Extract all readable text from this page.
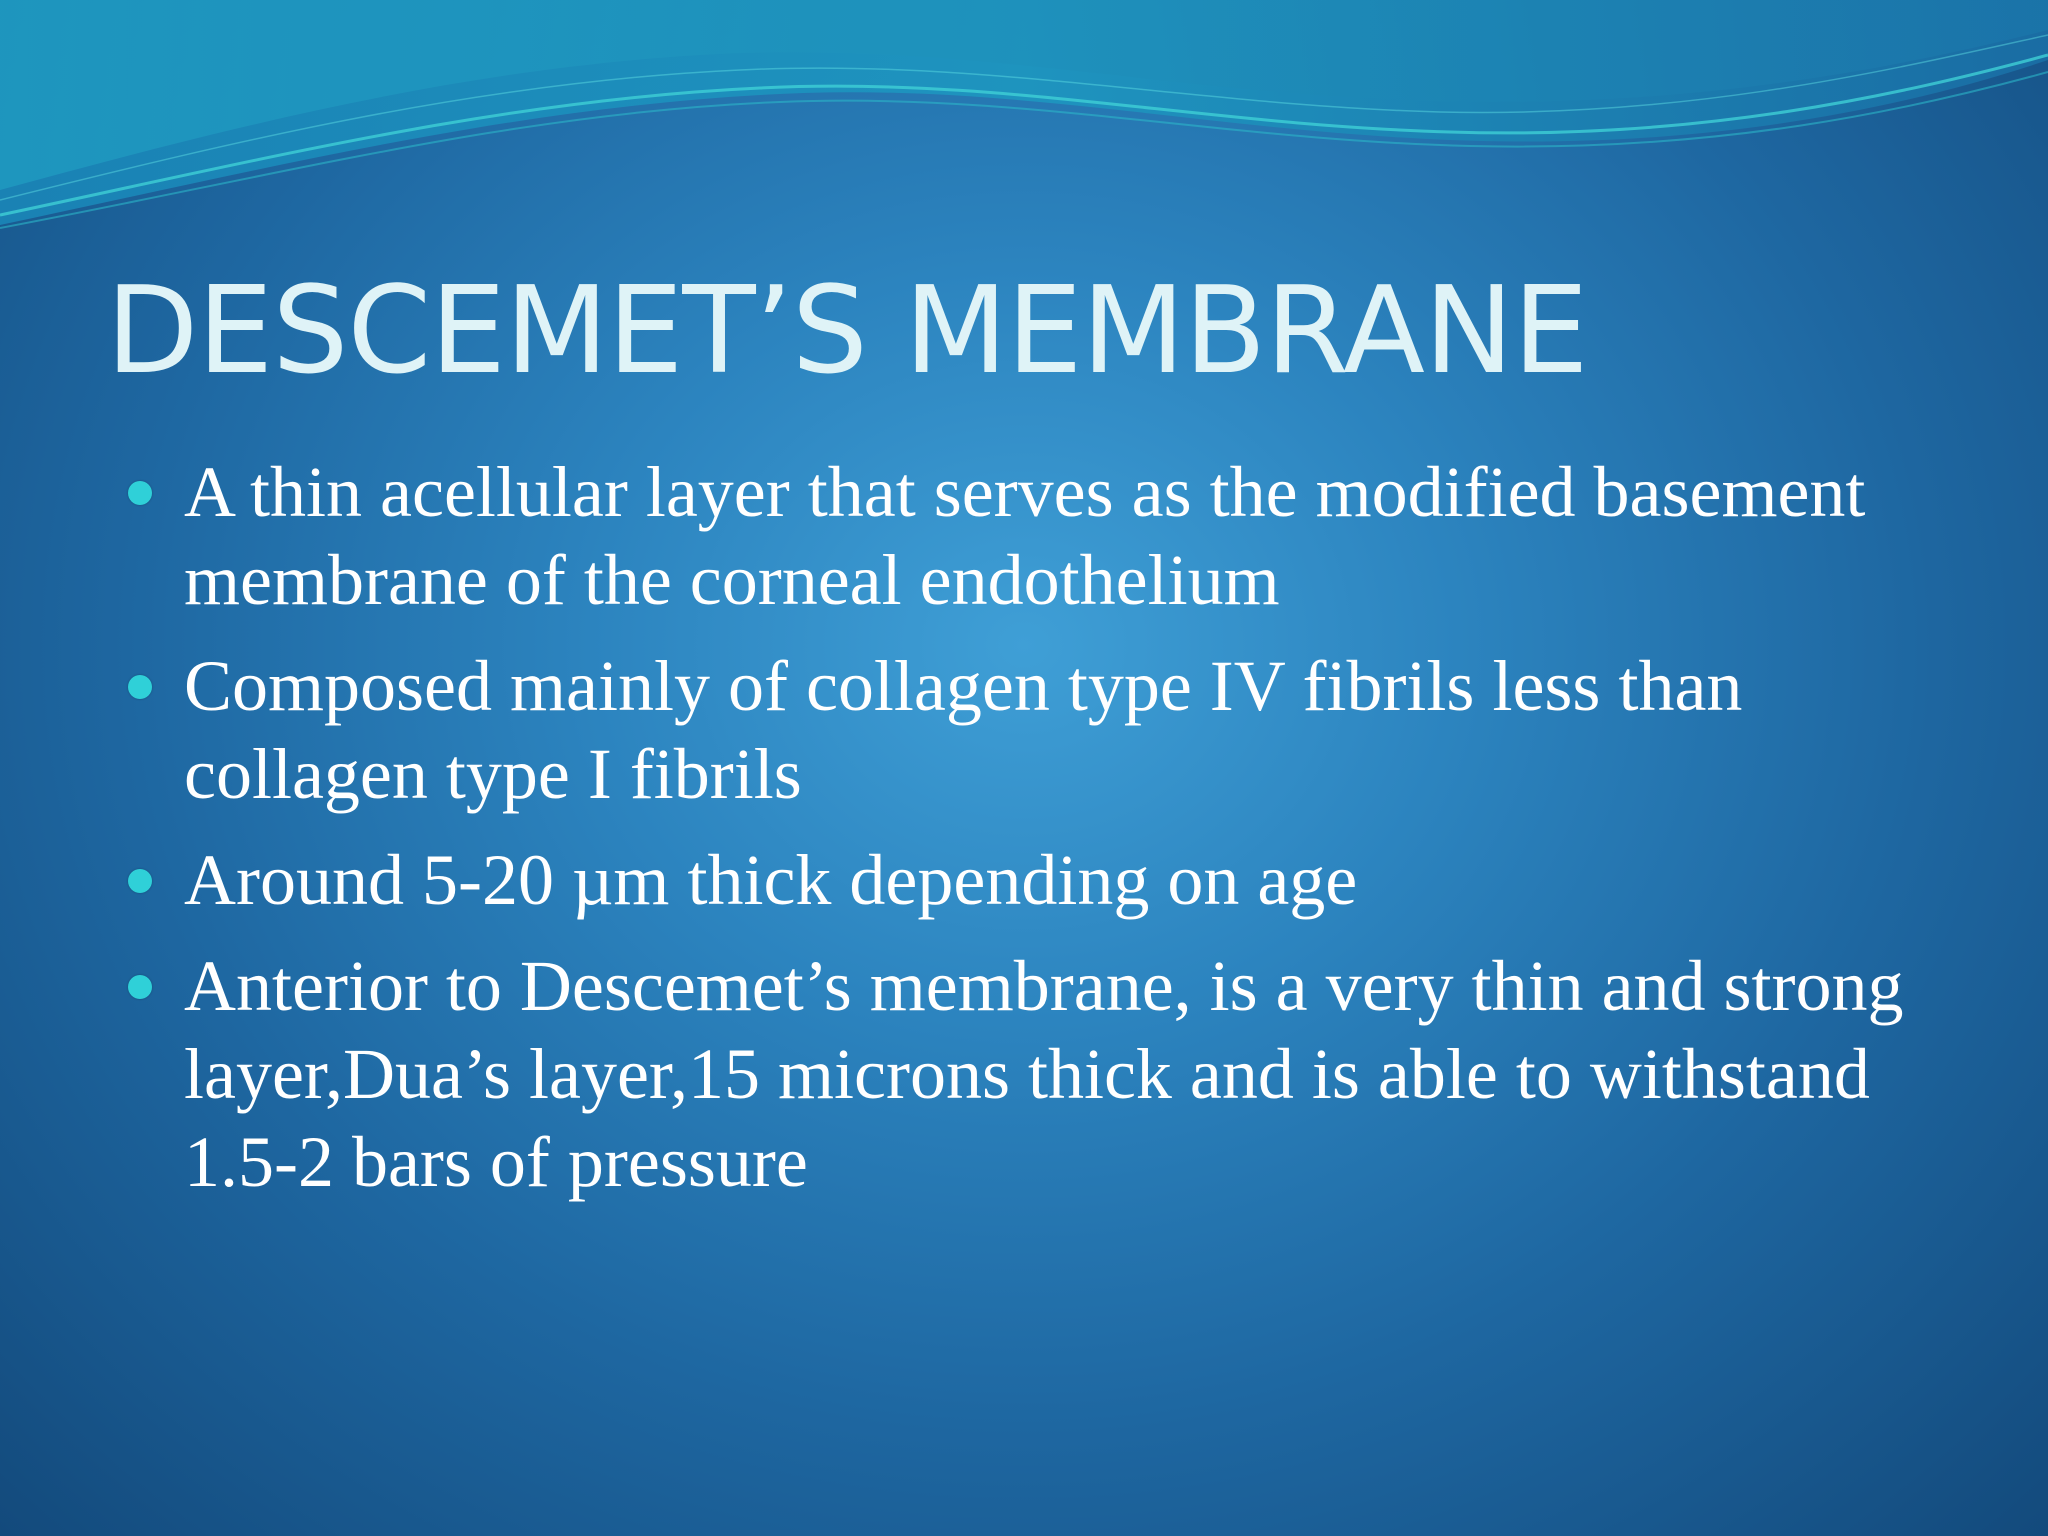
DESCEMET’S MEMBRANE
A thin acellular layer that serves as the modified basement membrane of the corneal endothelium
Composed mainly of collagen type IV fibrils less than collagen type I fibrils
Around 5-20 µm thick depending on age
Anterior to Descemet’s membrane, is a very thin and strong layer,Dua’s layer,15 microns thick and is able to withstand 1.5-2 bars of pressure
